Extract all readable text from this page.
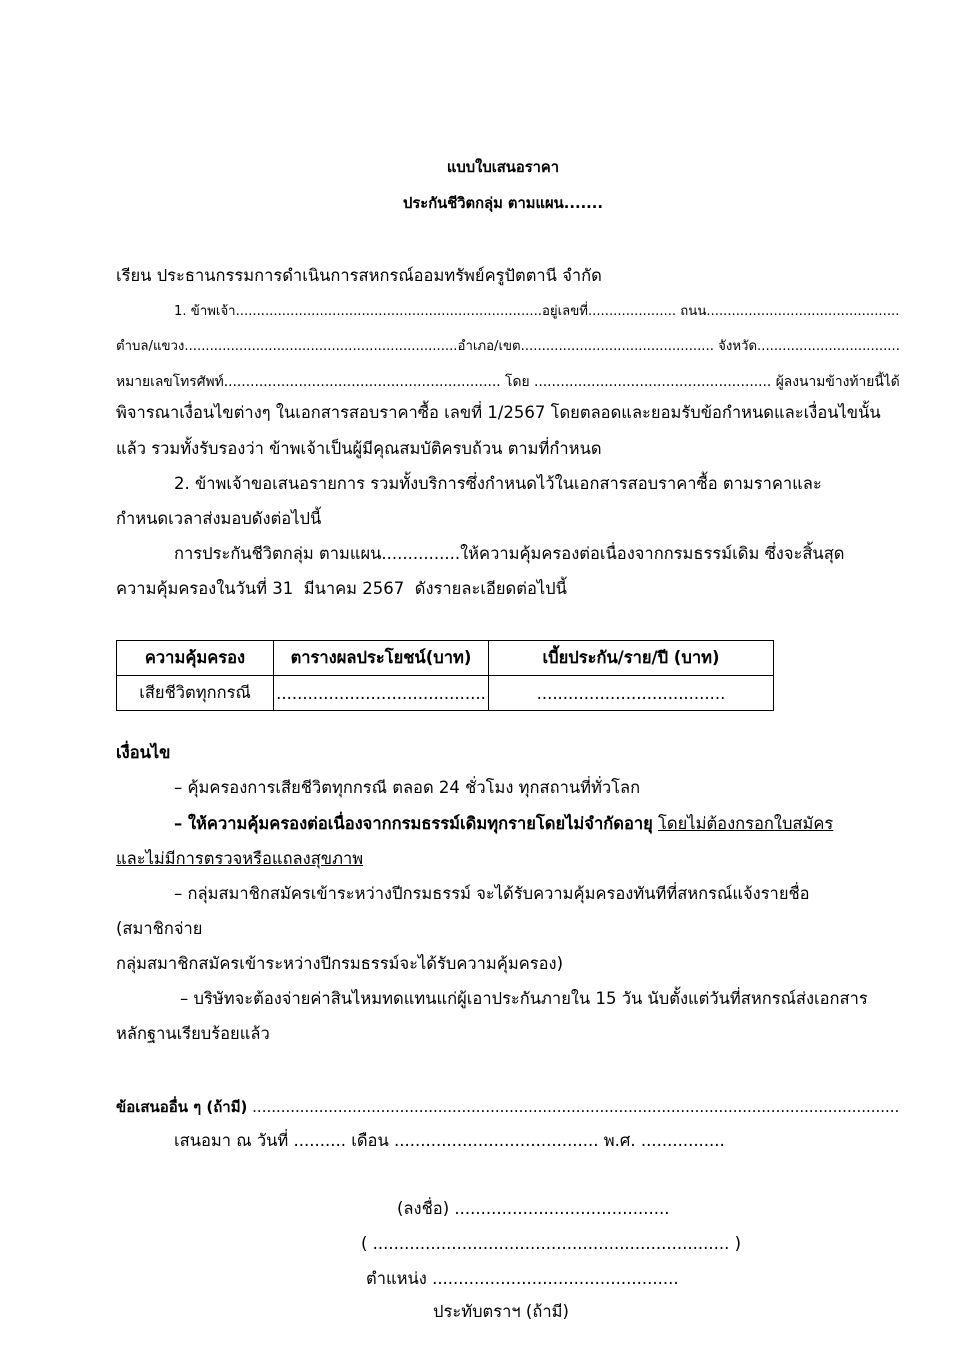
แบบใบเสนอราคา
ประกันชีวิตกลุ่ม ตามแผน.......
เรียน ประธานกรรมการดำเนินการสหกรณ์ออมทรัพย์ครูปัตตานี จำกัด
1. ข้าพเจ้า.........................................................................อยู่เลขที่..................... ถนน..............................................
ตำบล/แขวง.................................................................อำเภอ/เขต.............................................. จังหวัด..................................
หมายเลขโทรศัพท์............................................................... โดย ...................................................... ผู้ลงนามข้างท้ายนี้ได้
พิจารณาเงื่อนไขต่างๆ ในเอกสารสอบราคาซื้อ เลขที่ 1/2567 โดยตลอดและยอมรับข้อกำหนดและเงื่อนไขนั้น
แล้ว รวมทั้งรับรองว่า ข้าพเจ้าเป็นผู้มีคุณสมบัติครบถ้วน ตามที่กำหนด
2. ข้าพเจ้าขอเสนอรายการ รวมทั้งบริการซึ่งกำหนดไว้ในเอกสารสอบราคาซื้อ ตามราคาและ
กำหนดเวลาส่งมอบดังต่อไปนี้
การประกันชีวิตกลุ่ม ตามแผน...............ให้ความคุ้มครองต่อเนื่องจากกรมธรรม์เดิม ซึ่งจะสิ้นสุด
ความคุ้มครองในวันที่ 31  มีนาคม 2567  ดังรายละเอียดต่อไปนี้
ความคุ้มครอง	ตารางผลประโยชน์(บาท)	เบี้ยประกัน/ราย/ปี (บาท)
เสียชีวิตทุกกรณี	........................................	....................................
เงื่อนไข
– คุ้มครองการเสียชีวิตทุกกรณี ตลอด 24 ชั่วโมง ทุกสถานที่ทั่วโลก
– ให้ความคุ้มครองต่อเนื่องจากกรมธรรม์เดิมทุกรายโดยไม่จำกัดอายุ โดยไม่ต้องกรอกใบสมัคร
และไม่มีการตรวจหรือแถลงสุขภาพ
– กลุ่มสมาชิกสมัครเข้าระหว่างปีกรมธรรม์ จะได้รับความคุ้มครองทันทีที่สหกรณ์แจ้งรายชื่อ
(สมาชิกจ่าย
กลุ่มสมาชิกสมัครเข้าระหว่างปีกรมธรรม์จะได้รับความคุ้มครอง)
– บริษัทจะต้องจ่ายค่าสินไหมทดแทนแก่ผู้เอาประกันภายใน 15 วัน นับตั้งแต่วันที่สหกรณ์ส่งเอกสาร
หลักฐานเรียบร้อยแล้ว
ข้อเสนออื่น ๆ (ถ้ามี) ........................................................................................................................................
เสนอมา ณ วันที่ .......... เดือน ....................................... พ.ศ. ................
(ลงชื่อ) .........................................
( .................................................................... )
ตำแหน่ง ...............................................
ประทับตราฯ (ถ้ามี)
